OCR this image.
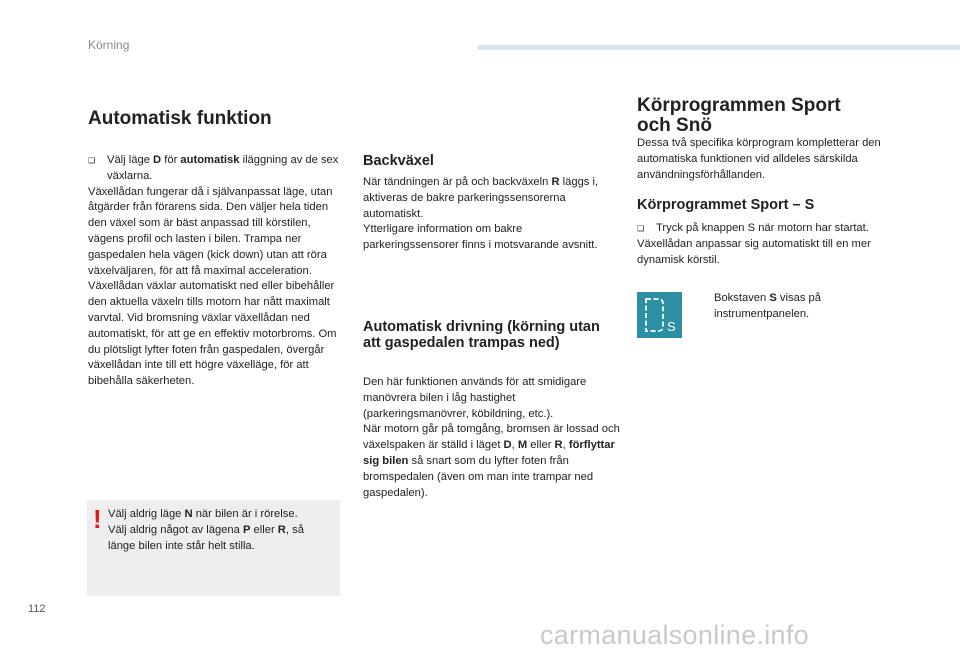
Körning
Automatisk funktion
❏ Välj läge D för automatisk iläggning av de sex växlarna.
Växellådan fungerar då i självanpassat läge, utan åtgärder från förarens sida. Den väljer hela tiden den växel som är bäst anpassad till körstilen, vägens profil och lasten i bilen. Trampa ner gaspedalen hela vägen (kick down) utan att röra växelväljaren, för att få maximal acceleration. Växellådan växlar automatiskt ned eller bibehåller den aktuella växeln tills motorn har nått maximalt varvtal. Vid bromsning växlar växellådan ned automatiskt, för att ge en effektiv motorbroms. Om du plötsligt lyfter foten från gaspedalen, övergår växellådan inte till ett högre växelläge, för att bibehålla säkerheten.
! Välj aldrig läge N när bilen är i rörelse.
Välj aldrig något av lägena P eller R, så länge bilen inte står helt stilla.
Backväxel
När tändningen är på och backväxeln R läggs i, aktiveras de bakre parkeringssensorerna automatiskt.
Ytterligare information om bakre parkeringssensorer finns i motsvarande avsnitt.
Automatisk drivning (körning utan att gaspedalen trampas ned)
Den här funktionen används för att smidigare manövrera bilen i låg hastighet (parkeringsmanövrer, köbildning, etc.).
När motorn går på tomgång, bromsen är lossad och växelspaken är ställd i läget D, M eller R, förflyttar sig bilen så snart som du lyfter foten från bromspedalen (även om man inte trampar ned gaspedalen).
Körprogrammen Sport och Snö
Dessa två specifika körprogram kompletterar den automatiska funktionen vid alldeles särskilda användningsförhållanden.
Körprogrammet Sport – S
❏ Tryck på knappen S när motorn har startat.
Växellådan anpassar sig automatiskt till en mer dynamisk körstil.
S
Bokstaven S visas på instrumentpanelen.
112
carmanualsonline.info
